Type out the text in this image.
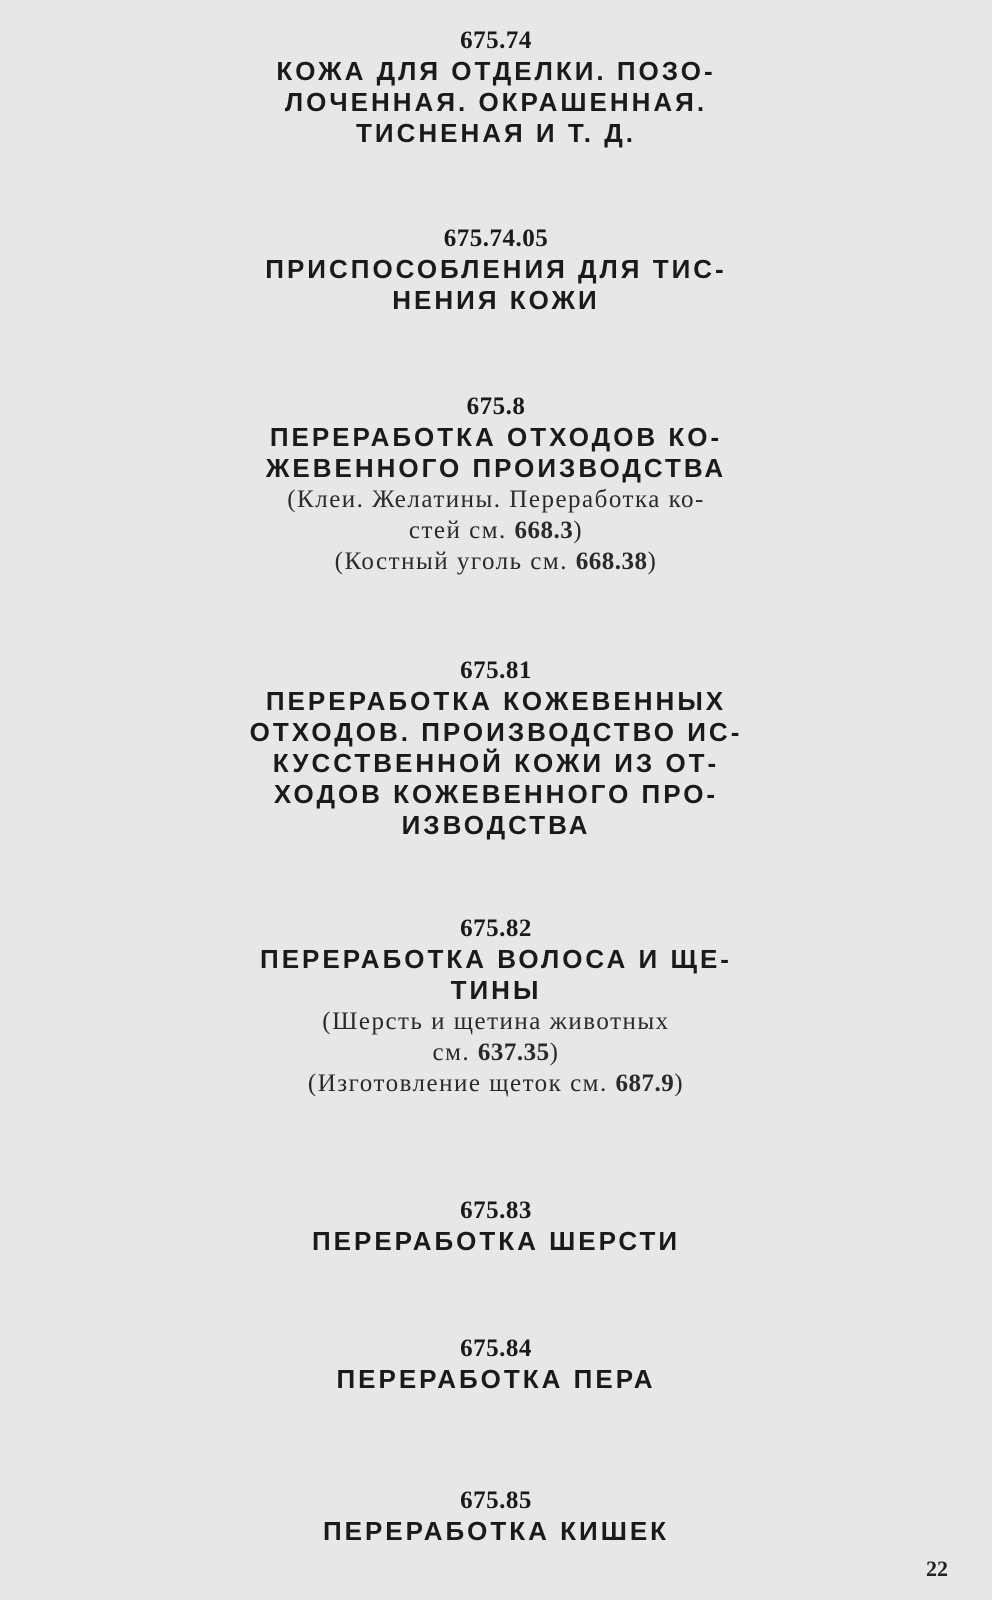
675.74
КОЖА ДЛЯ ОТДЕЛКИ. ПОЗО-
ЛОЧЕННАЯ. ОКРАШЕННАЯ.
ТИСНЕНАЯ И Т. Д.
675.74.05
ПРИСПОСОБЛЕНИЯ ДЛЯ ТИС-
НЕНИЯ КОЖИ
675.8
ПЕРЕРАБОТКА ОТХОДОВ КО-
ЖЕВЕННОГО ПРОИЗВОДСТВА
(Клеи. Желатины. Переработка ко-
стей см. 668.3)
(Костный уголь см. 668.38)
675.81
ПЕРЕРАБОТКА КОЖЕВЕННЫХ
ОТХОДОВ. ПРОИЗВОДСТВО ИС-
КУССТВЕННОЙ КОЖИ ИЗ ОТ-
ХОДОВ КОЖЕВЕННОГО ПРО-
ИЗВОДСТВА
675.82
ПЕРЕРАБОТКА ВОЛОСА И ЩЕ-
ТИНЫ
(Шерсть и щетина животных
см. 637.35)
(Изготовление щеток см. 687.9)
675.83
ПЕРЕРАБОТКА ШЕРСТИ
675.84
ПЕРЕРАБОТКА ПЕРА
675.85
ПЕРЕРАБОТКА КИШЕК
22
